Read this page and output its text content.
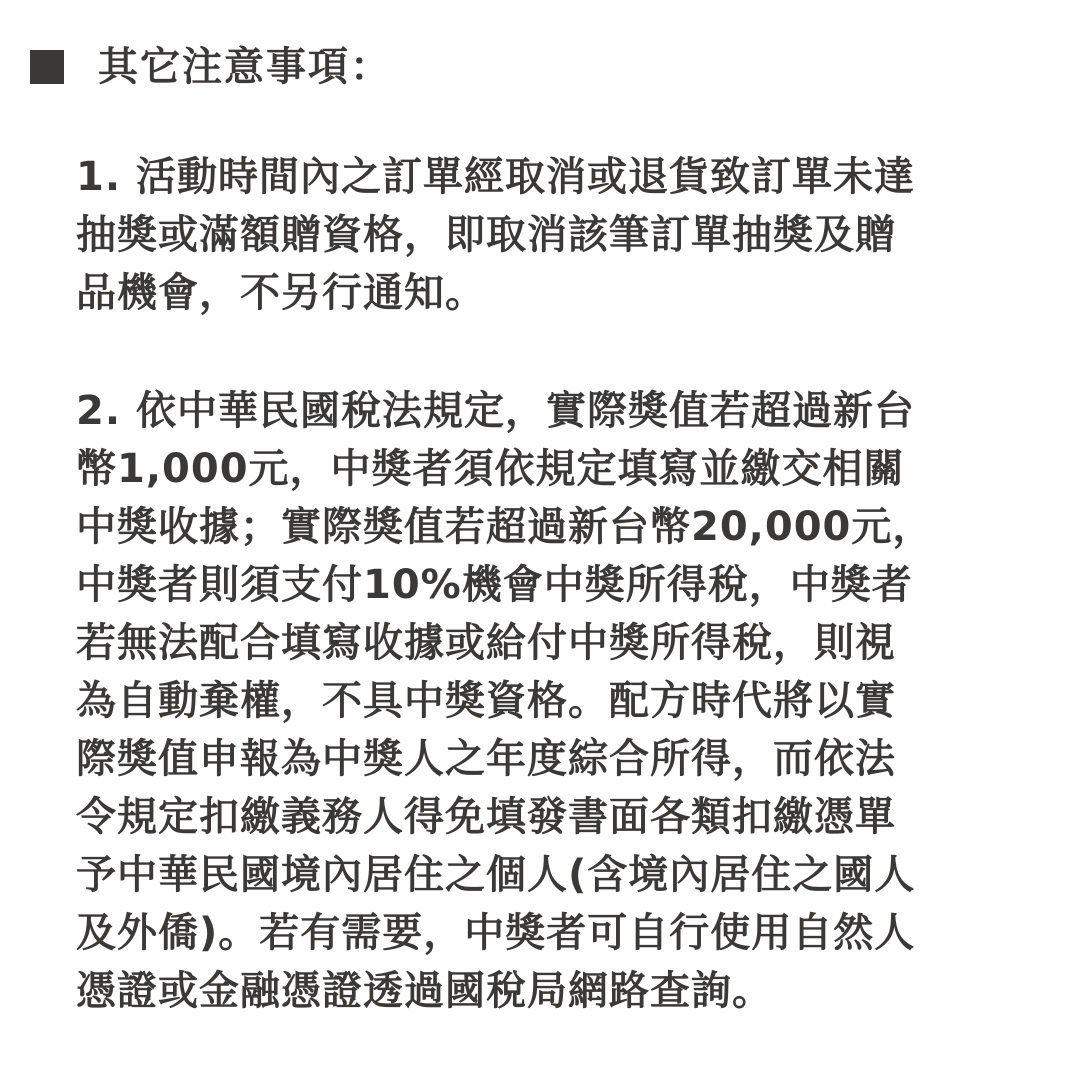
其它注意事項：
1. 活動時間內之訂單經取消或退貨致訂單未達
抽獎或滿額贈資格，即取消該筆訂單抽獎及贈
品機會，不另行通知。
2. 依中華民國稅法規定，實際獎值若超過新台
幣1,000元，中獎者須依規定填寫並繳交相關
中獎收據；實際獎值若超過新台幣20,000元，
中獎者則須支付10%機會中獎所得稅，中獎者
若無法配合填寫收據或給付中獎所得稅，則視
為自動棄權，不具中獎資格。配方時代將以實
際獎值申報為中獎人之年度綜合所得，而依法
令規定扣繳義務人得免填發書面各類扣繳憑單
予中華民國境內居住之個人(含境內居住之國人
及外僑)。若有需要，中獎者可自行使用自然人
憑證或金融憑證透過國稅局網路查詢。
